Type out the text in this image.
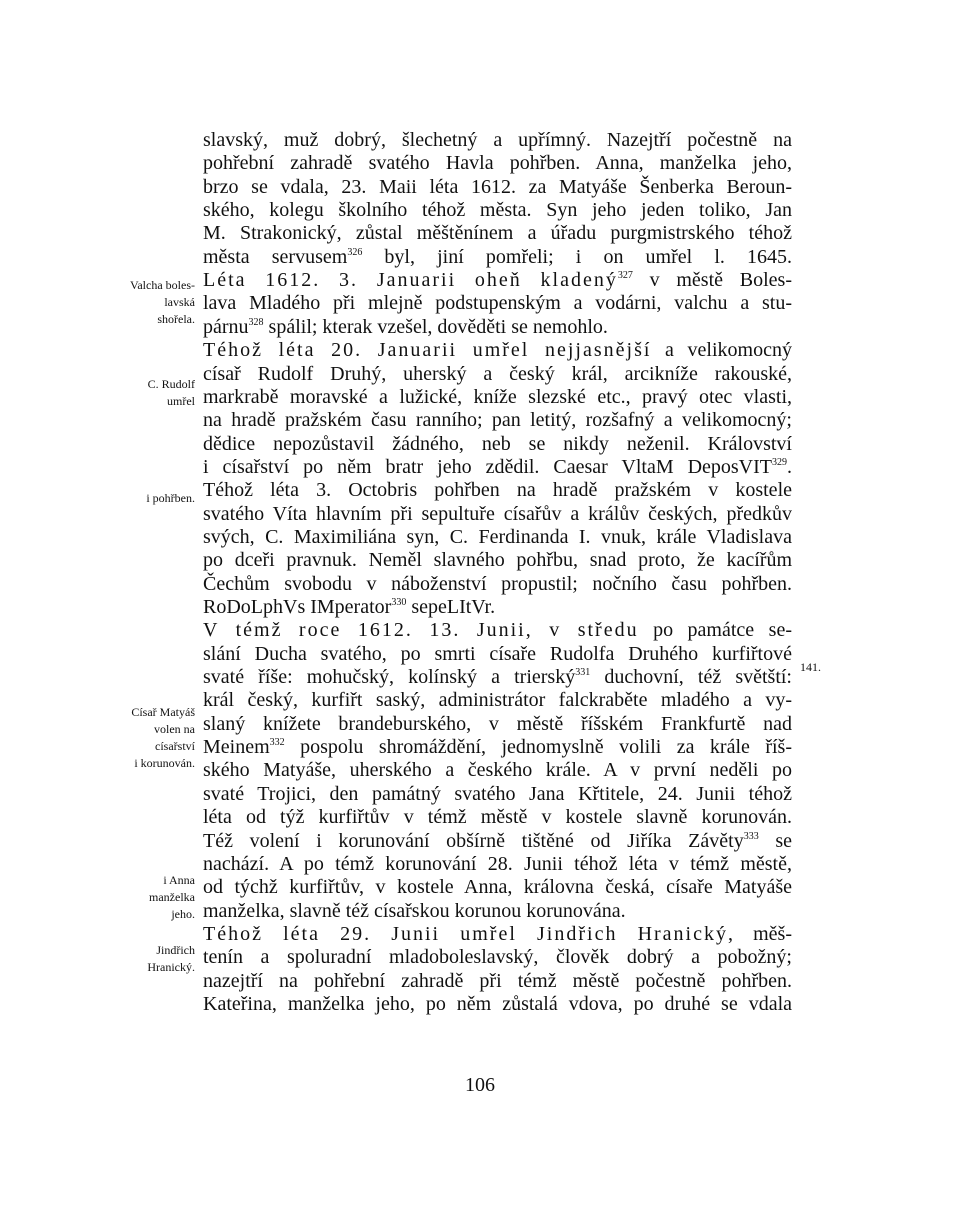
slavský, muž dobrý, šlechetný a upřímný. Nazejtří počestně na
pohřební zahradě svatého Havla pohřben. Anna, manželka jeho,
brzo se vdala, 23. Maii léta 1612. za Matyáše Šenberka Beroun-
ského, kolegu školního téhož města. Syn jeho jeden toliko, Jan
M. Strakonický, zůstal měštěnínem a úřadu purgmistrského téhož
města servusem$^{326}$ byl, jiní pomřeli; i on umřel l. 1645.
Léta 1612. 3. Januarii oheň kladený$^{327}$ v městě Boles-
lava Mladého při mlejně podstupenským a vodárni, valchu a stu-
párnu$^{328}$ spálil; kterak vzešel, dověděti se nemohlo.
Téhož léta 20. Januarii umřel nejjasnější a velikomocný
císař Rudolf Druhý, uherský a český král, arcikníže rakouské,
markrabě moravské a lužické, kníže slezské etc., pravý otec vlasti,
na hradě pražském času ranního; pan letitý, rozšafný a velikomocný;
dědice nepozůstavil žádného, neb se nikdy neženil. Království
i císařství po něm bratr jeho zdědil. Caesar VltaM DeposVIT$^{329}$.
Téhož léta 3. Octobris pohřben na hradě pražském v kostele
svatého Víta hlavním při sepultuře císařův a králův českých, předkův
svých, C. Maximiliána syn, C. Ferdinanda I. vnuk, krále Vladislava
po dceři pravnuk. Neměl slavného pohřbu, snad proto, že kacířům
Čechům svobodu v náboženství propustil; nočního času pohřben.
RoDoLphVs IMperator$^{330}$ sepeLItVr.
V témž roce 1612. 13. Junii, v středu po památce se-
slání Ducha svatého, po smrti císaře Rudolfa Druhého kurfiřtové
svaté říše: mohučský, kolínský a trierský$^{331}$ duchovní, též světští:
král český, kurfiřt saský, administrátor falckraběte mladého a vy-
slaný knížete brandeburského, v městě říšském Frankfurtě nad
Meinem$^{332}$ pospolu shromáždění, jednomyslně volili za krále říš-
ského Matyáše, uherského a českého krále. A v první neděli po
svaté Trojici, den památný svatého Jana Křtitele, 24. Junii téhož
léta od týž kurfiřtův v témž městě v kostele slavně korunován.
Též volení i korunování obšírně tištěné od Jiříka Závěty$^{333}$ se
nachází. A po témž korunování 28. Junii téhož léta v témž městě,
od týchž kurfiřtův, v kostele Anna, královna česká, císaře Matyáše
manželka, slavně též císařskou korunou korunována.
Téhož léta 29. Junii umřel Jindřich Hranický, měš-
tenín a spoluradní mladoboleslavský, člověk dobrý a pobožný;
nazejtří na pohřební zahradě při témž městě počestně pohřben.
Kateřina, manželka jeho, po něm zůstalá vdova, po druhé se vdala
Valcha boles-
lavská
shořela.
C. Rudolf
umřel
i pohřben.
Císař Matyáš
volen na
císařství
i korunován.
i Anna
manželka
jeho.
Jindřich
Hranický.
141.
106
